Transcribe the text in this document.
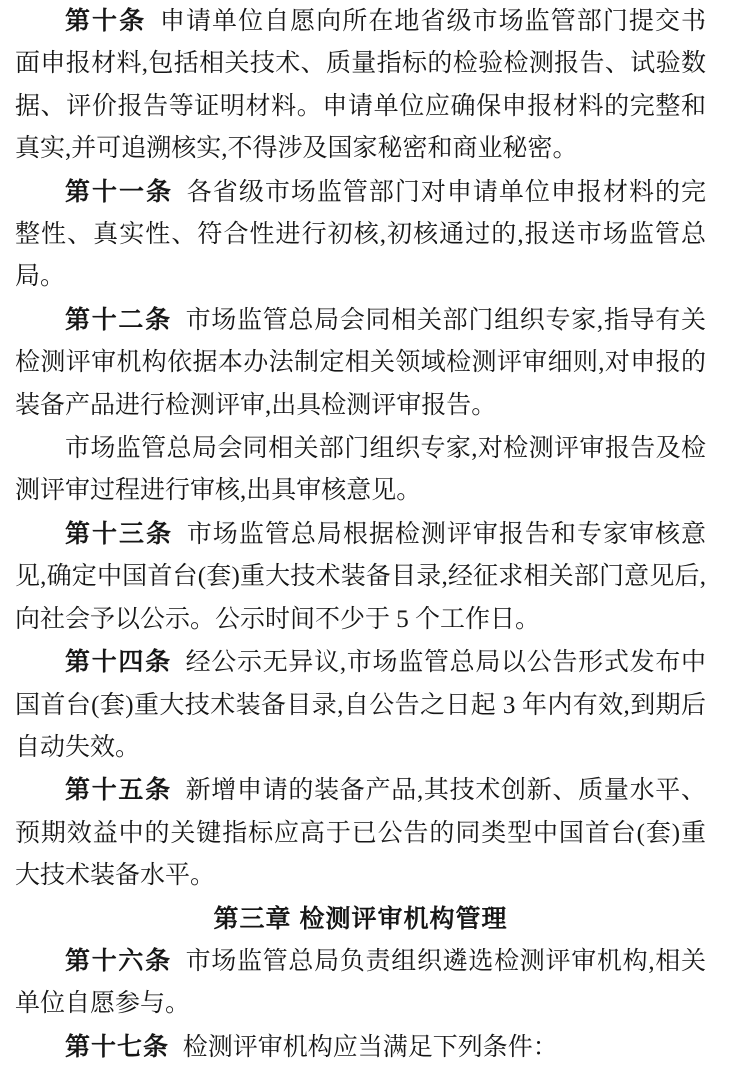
第十条 申请单位自愿向所在地省级市场监管部门提交书面申报材料,包括相关技术、质量指标的检验检测报告、试验数据、评价报告等证明材料。申请单位应确保申报材料的完整和真实,并可追溯核实,不得涉及国家秘密和商业秘密。

第十一条 各省级市场监管部门对申请单位申报材料的完整性、真实性、符合性进行初核,初核通过的,报送市场监管总局。

第十二条 市场监管总局会同相关部门组织专家,指导有关检测评审机构依据本办法制定相关领域检测评审细则,对申报的装备产品进行检测评审,出具检测评审报告。

市场监管总局会同相关部门组织专家,对检测评审报告及检测评审过程进行审核,出具审核意见。

第十三条 市场监管总局根据检测评审报告和专家审核意见,确定中国首台(套)重大技术装备目录,经征求相关部门意见后,向社会予以公示。公示时间不少于 5 个工作日。

第十四条 经公示无异议,市场监管总局以公告形式发布中国首台(套)重大技术装备目录,自公告之日起 3 年内有效,到期后自动失效。

第十五条 新增申请的装备产品,其技术创新、质量水平、预期效益中的关键指标应高于已公告的同类型中国首台(套)重大技术装备水平。

第三章 检测评审机构管理

第十六条 市场监管总局负责组织遴选检测评审机构,相关单位自愿参与。

第十七条 检测评审机构应当满足下列条件：
